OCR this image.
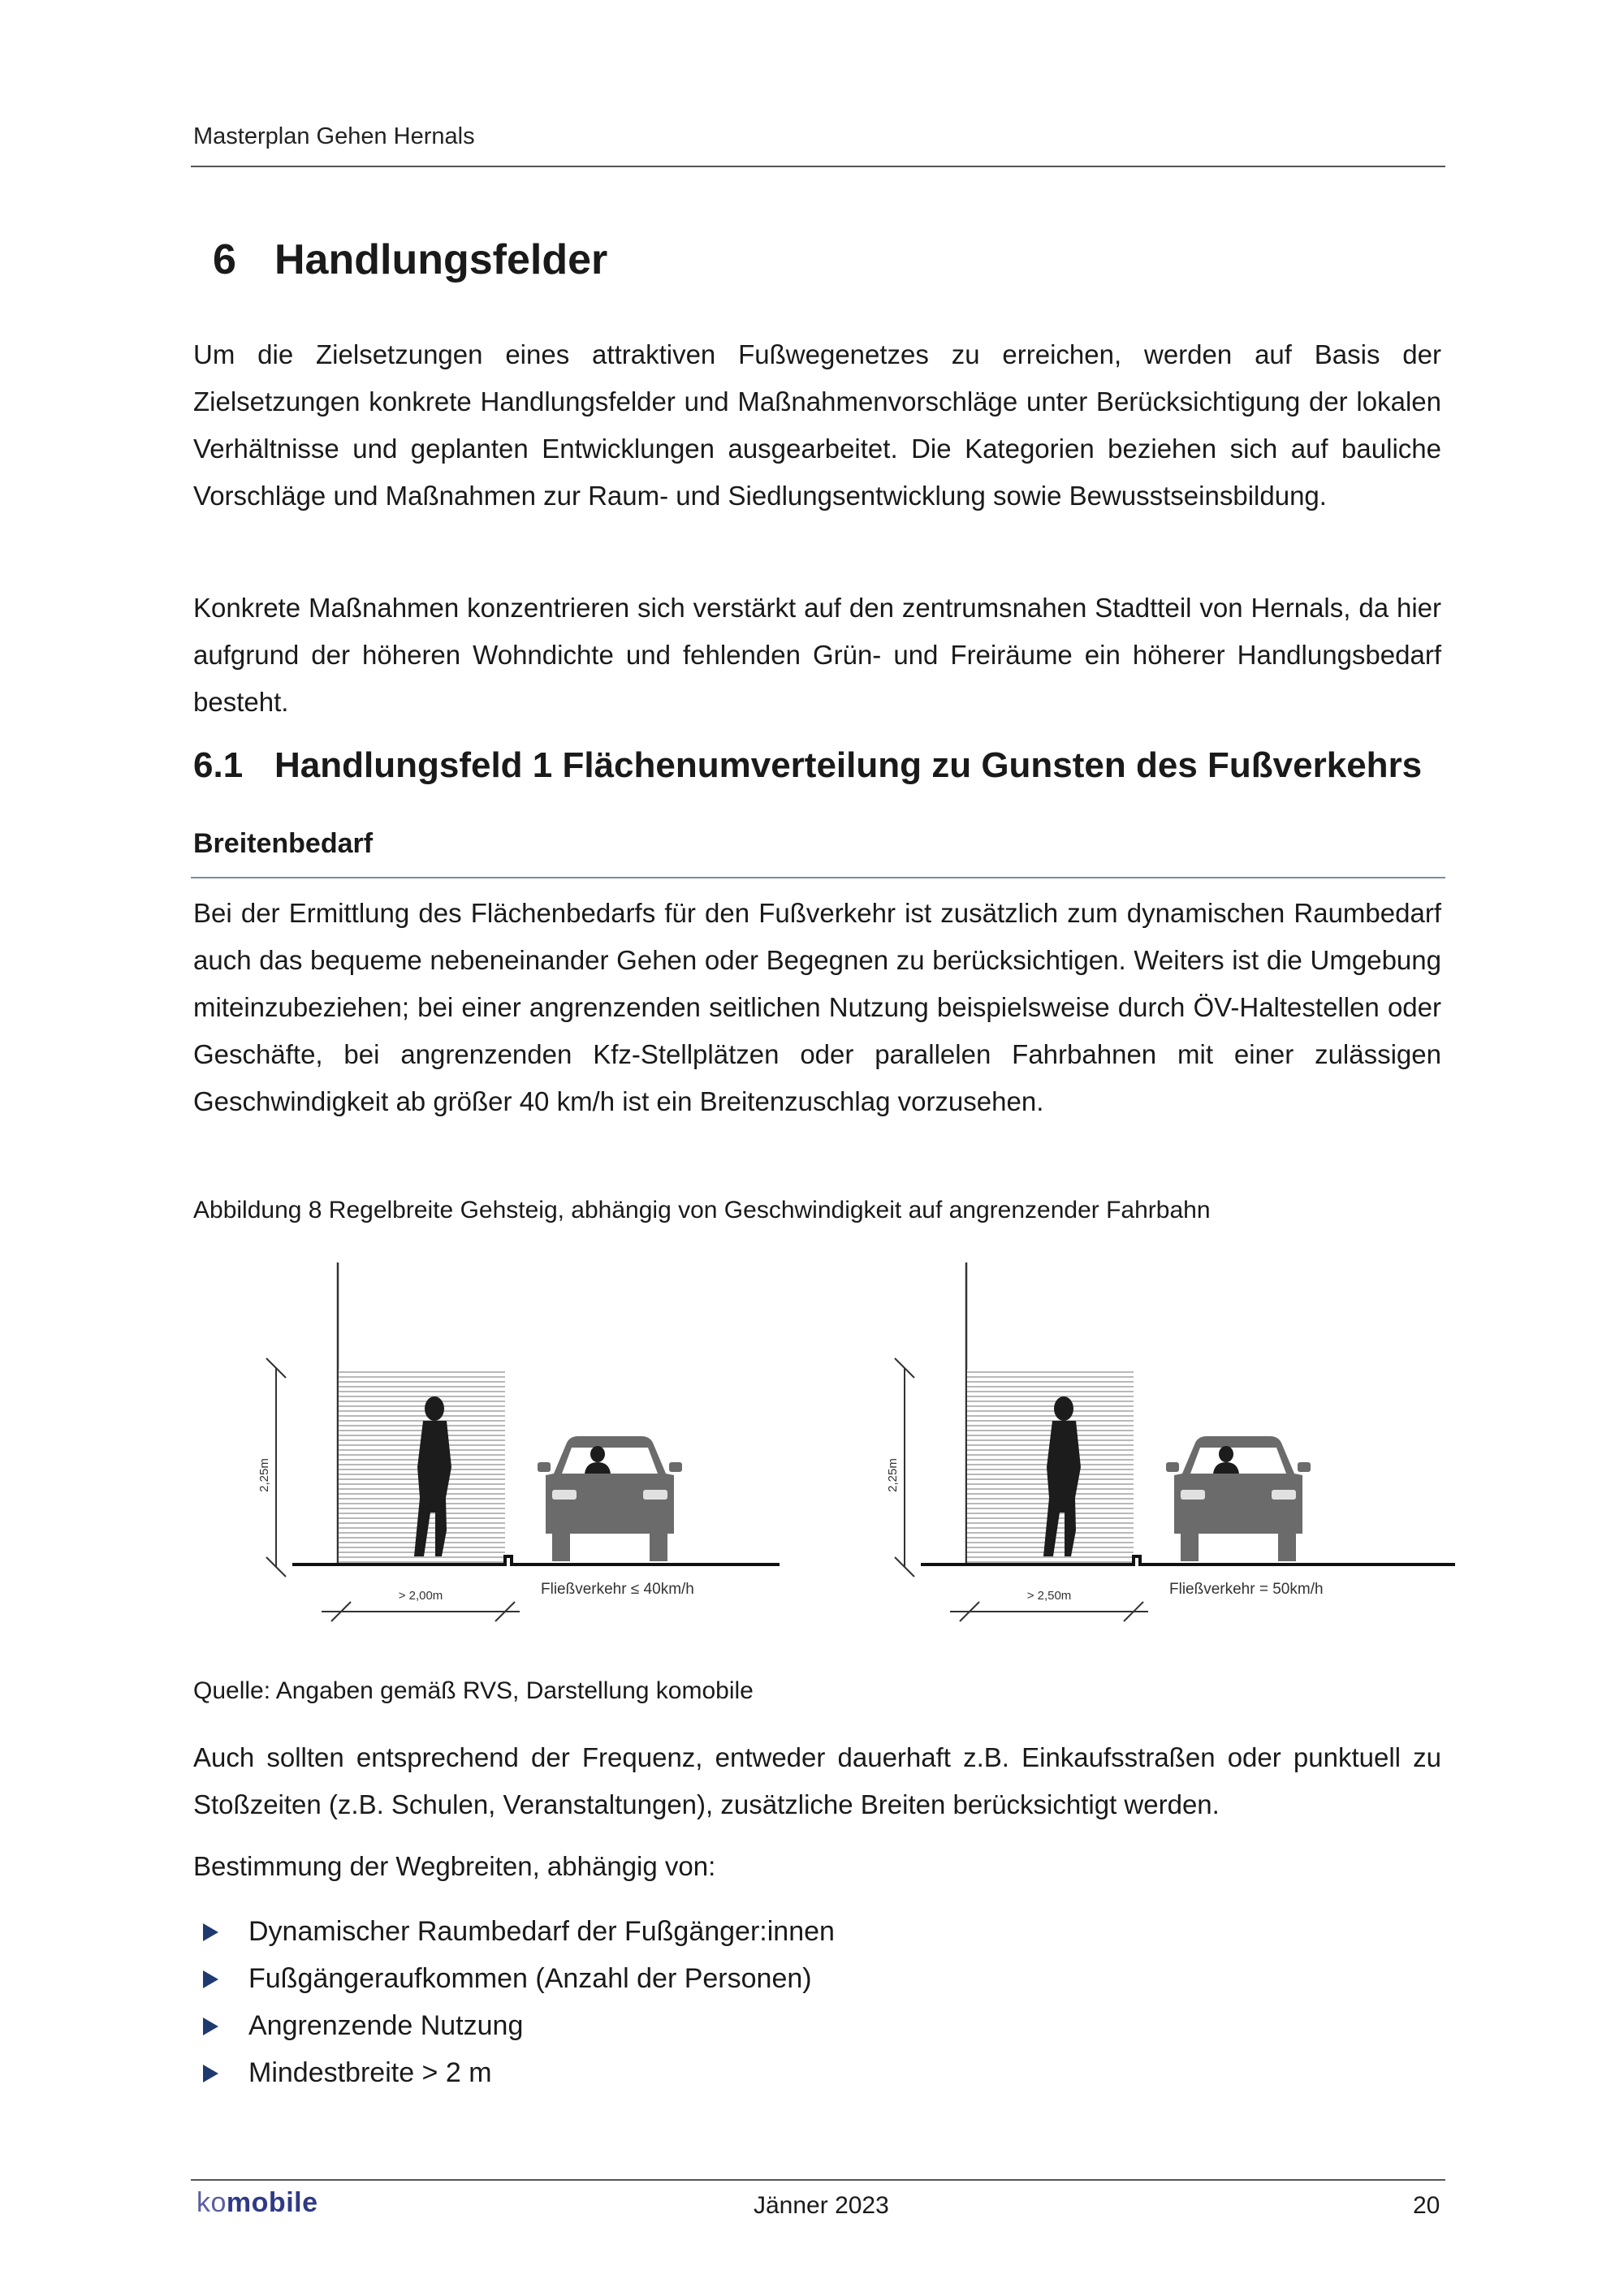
Masterplan Gehen Hernals
6 Handlungsfelder
Um die Zielsetzungen eines attraktiven Fußwegenetzes zu erreichen, werden auf Basis der Zielsetzungen konkrete Handlungsfelder und Maßnahmenvorschläge unter Berücksichtigung der lokalen Verhältnisse und geplanten Entwicklungen ausgearbeitet. Die Kategorien beziehen sich auf bauliche Vorschläge und Maßnahmen zur Raum- und Siedlungsentwicklung sowie Bewusstseinsbildung.
Konkrete Maßnahmen konzentrieren sich verstärkt auf den zentrumsnahen Stadtteil von Hernals, da hier aufgrund der höheren Wohndichte und fehlenden Grün- und Freiräume ein höherer Handlungsbedarf besteht.
6.1 Handlungsfeld 1 Flächenumverteilung zu Gunsten des Fußverkehrs
Breitenbedarf
Bei der Ermittlung des Flächenbedarfs für den Fußverkehr ist zusätzlich zum dynamischen Raumbedarf auch das bequeme nebeneinander Gehen oder Begegnen zu berücksichtigen. Weiters ist die Umgebung miteinzubeziehen; bei einer angrenzenden seitlichen Nutzung beispielsweise durch ÖV-Haltestellen oder Geschäfte, bei angrenzenden Kfz-Stellplätzen oder parallelen Fahrbahnen mit einer zulässigen Geschwindigkeit ab größer 40 km/h ist ein Breitenzuschlag vorzusehen.
Abbildung 8 Regelbreite Gehsteig, abhängig von Geschwindigkeit auf angrenzender Fahrbahn
2,25m
> 2,00m	Fließverkehr ≤ 40km/h
2,25m
> 2,50m	Fließverkehr = 50km/h
Quelle: Angaben gemäß RVS, Darstellung komobile
Auch sollten entsprechend der Frequenz, entweder dauerhaft z.B. Einkaufsstraßen oder punktuell zu Stoßzeiten (z.B. Schulen, Veranstaltungen), zusätzliche Breiten berücksichtigt werden.
Bestimmung der Wegbreiten, abhängig von:
Dynamischer Raumbedarf der Fußgänger:innen
Fußgängeraufkommen (Anzahl der Personen)
Angrenzende Nutzung
Mindestbreite > 2 m
komobile	Jänner 2023	20
